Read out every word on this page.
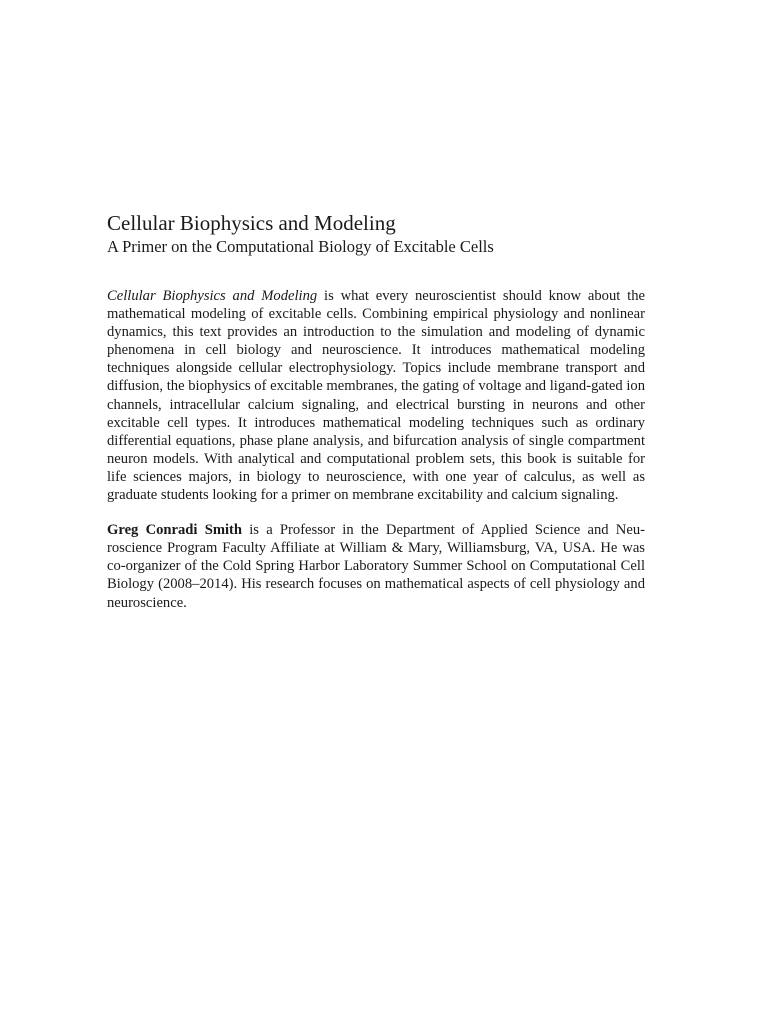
Cellular Biophysics and Modeling
A Primer on the Computational Biology of Excitable Cells

Cellular Biophysics and Modeling is what every neuroscientist should know about the mathematical modeling of excitable cells. Combining empirical physiology and nonlinear dynamics, this text provides an introduction to the simulation and modeling of dynamic phenomena in cell biology and neuroscience. It introduces mathematical modeling techniques alongside cellular electrophysiology. Topics include membrane transport and diffusion, the biophysics of excitable membranes, the gating of voltage and ligand-gated ion channels, intracellular calcium signaling, and electrical bursting in neurons and other excitable cell types. It introduces mathematical modeling techniques such as ordinary differential equations, phase plane analysis, and bifurcation analysis of single compartment neuron models. With analytical and computational problem sets, this book is suitable for life sciences majors, in biology to neuroscience, with one year of calculus, as well as graduate students looking for a primer on membrane excitability and calcium signaling.

Greg Conradi Smith is a Professor in the Department of Applied Science and Neuroscience Program Faculty Affiliate at William & Mary, Williamsburg, VA, USA. He was co-organizer of the Cold Spring Harbor Laboratory Summer School on Computational Cell Biology (2008–2014). His research focuses on mathematical aspects of cell physiology and neuroscience.
